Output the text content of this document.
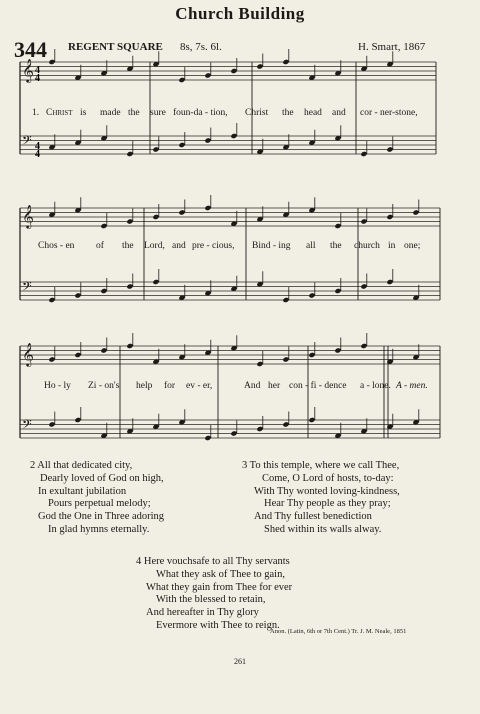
Church Building
344 REGENT SQUARE 8s, 7s. 6l.	H. Smart, 1867
𝄞
𝄢
𝄞
𝄢
𝄞
𝄢
4
4
4
4
1. Christ is made the sure foun-da - tion, Christ the head and cor - ner-stone,
Chos - en of the Lord, and pre - cious, Bind - ing all the church in one;
Ho - ly Zi - on's help for ev - er,	And her con - fi - dence a - lone. A - men.
2 All that dedicated city,
Dearly loved of God on high,
In exultant jubilation
Pours perpetual melody;
God the One in Three adoring
In glad hymns eternally.
3 To this temple, where we call Thee,
Come, O Lord of hosts, to-day:
With Thy wonted loving-kindness,
Hear Thy people as they pray;
And Thy fullest benediction
Shed within its walls alway.
4 Here vouchsafe to all Thy servants
What they ask of Thee to gain,
What they gain from Thee for ever
With the blessed to retain,
And hereafter in Thy glory
Evermore with Thee to reign.
Anon. (Latin, 6th or 7th Cent.) Tr. J. M. Neale, 1851
261
